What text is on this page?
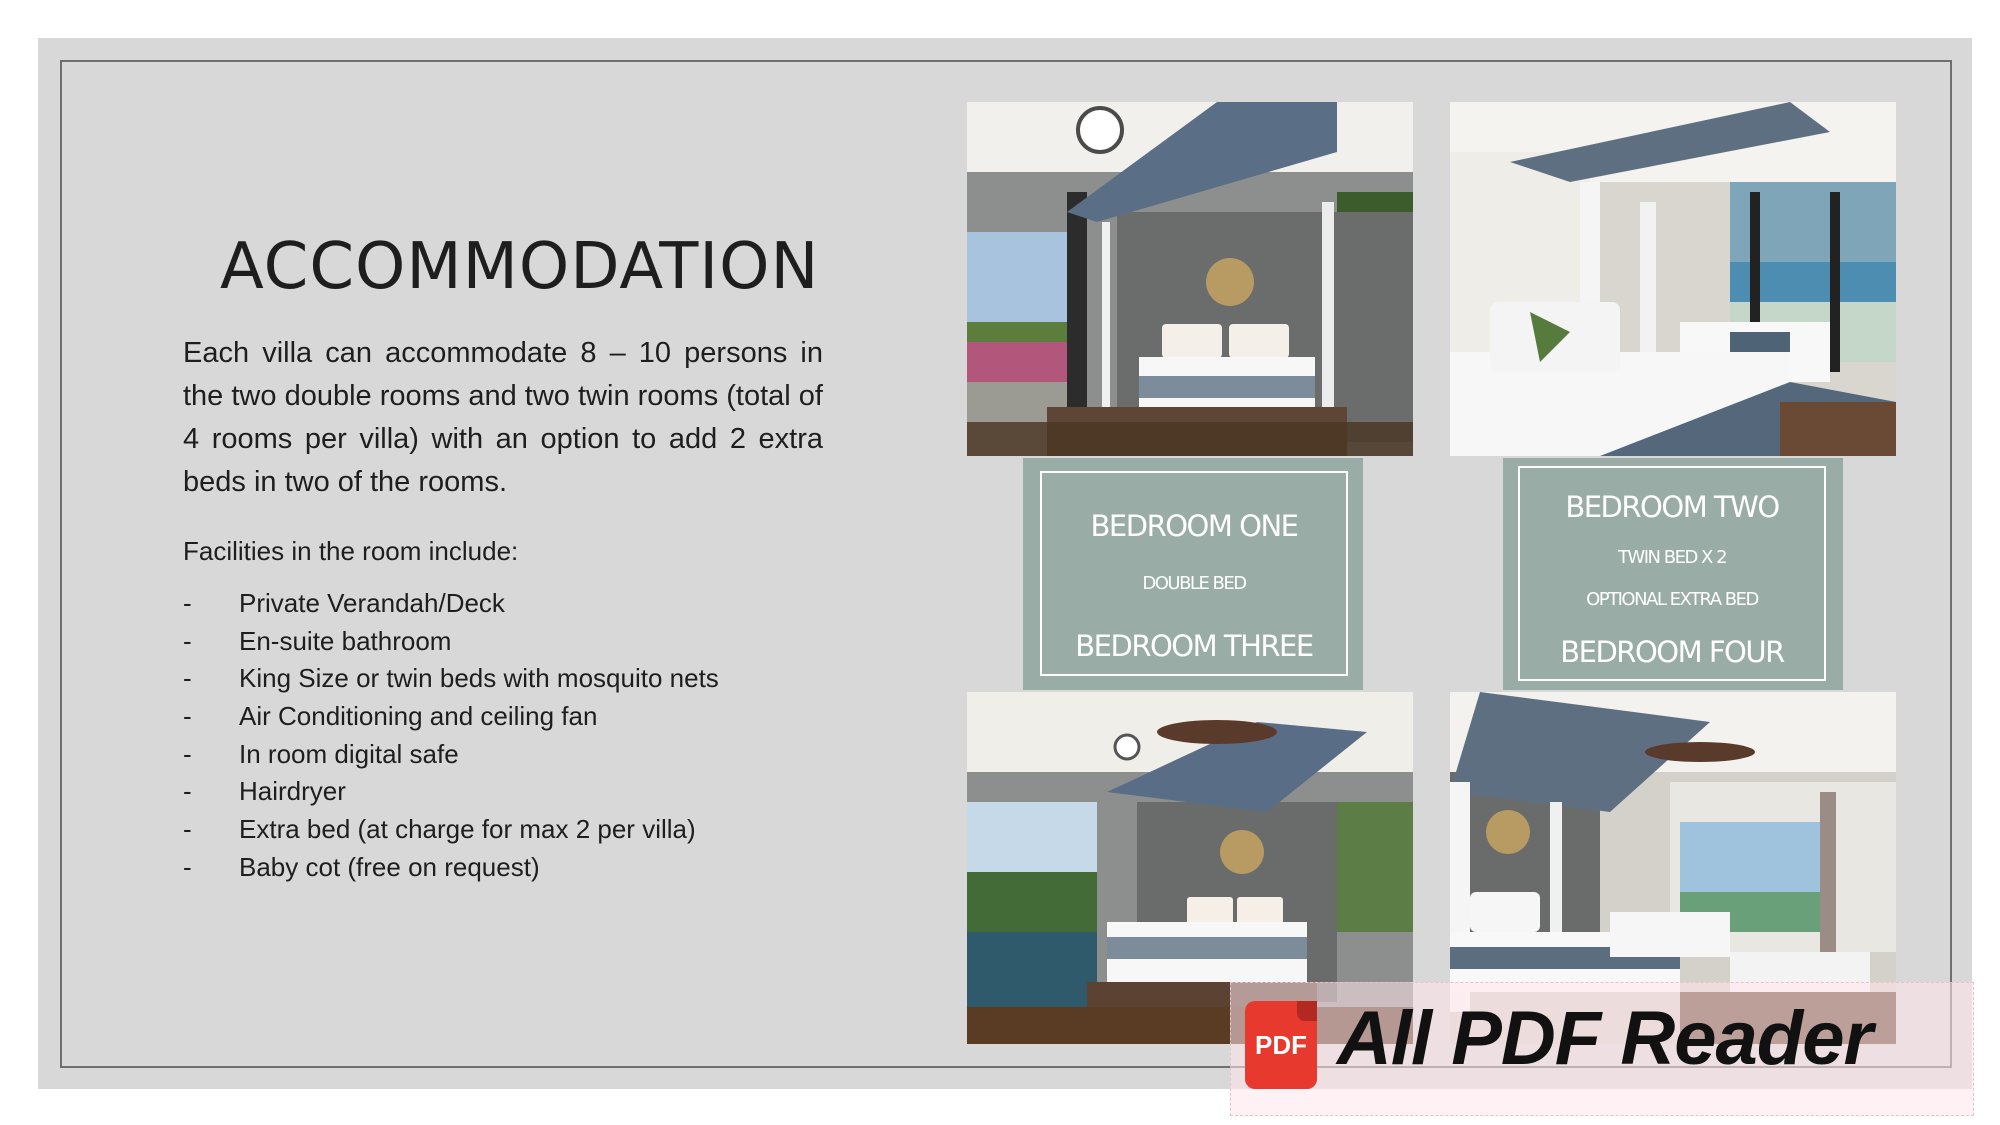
ACCOMMODATION
Each villa can accommodate 8 – 10 persons in the two double rooms and two twin rooms (total of 4 rooms per villa) with an option to add 2 extra beds in two of the rooms.
Facilities in the room include:
- Private Verandah/Deck
- En-suite bathroom
- King Size or twin beds with mosquito nets
- Air Conditioning and ceiling fan
- In room digital safe
- Hairdryer
- Extra bed (at charge for max 2 per villa)
- Baby cot (free on request)
BEDROOM ONE
DOUBLE BED
BEDROOM THREE
BEDROOM TWO
TWIN BED X 2
OPTIONAL EXTRA BED
BEDROOM FOUR
PDF All PDF Reader
